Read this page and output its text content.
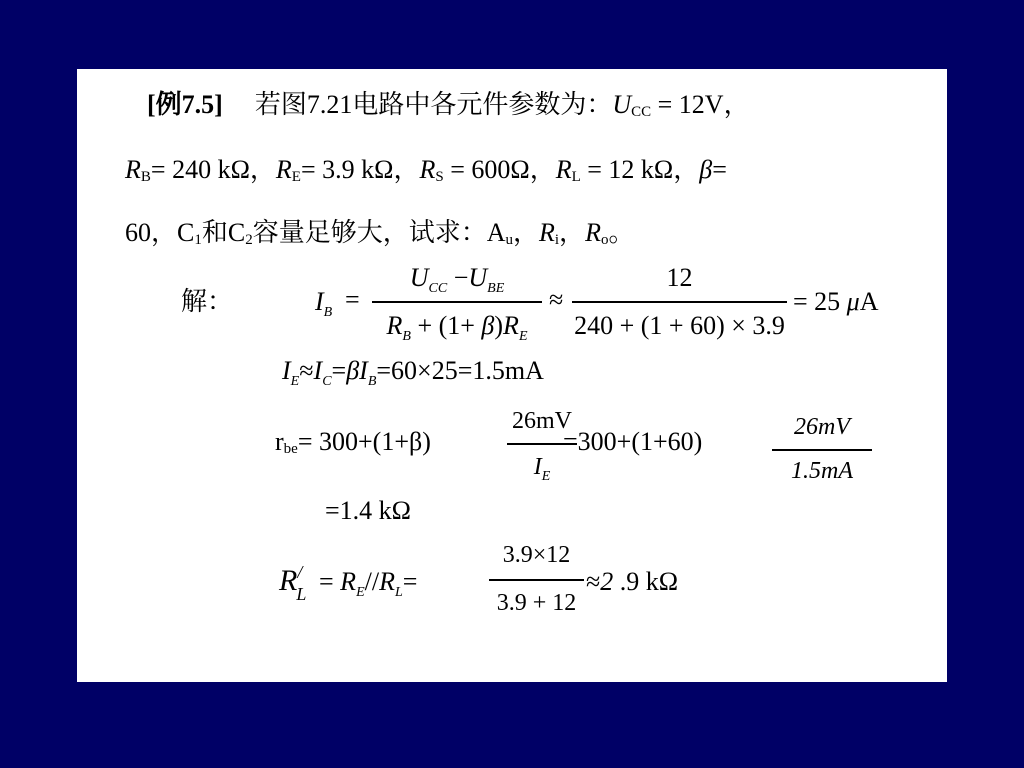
[例7.5] 若图7.21电路中各元件参数为：UCC = 12V，
RB= 240 kΩ，RE= 3.9 kΩ，RS = 600Ω，RL = 12 kΩ，β=
60，C1和C2容量足够大，试求：Au，Ri，Ro。
解：	$I_B$ =
$U_{CC} -U_{BE}$
$R_B + (1+ \beta)R_E$
≈
12
240 + (1 + 60) × 3.9
= 25 μA
$I_E\approx I_C=\beta I_B=60\times 25=1.5mA$
rbe= 300+(1+β)
26mV
$I_E$
=300+(1+60)	26mV
1.5mA
=1.4 kΩ
$R^/_L = R_E//R_L=$
3.9×12
3.9 + 12
≈2 .9 kΩ
